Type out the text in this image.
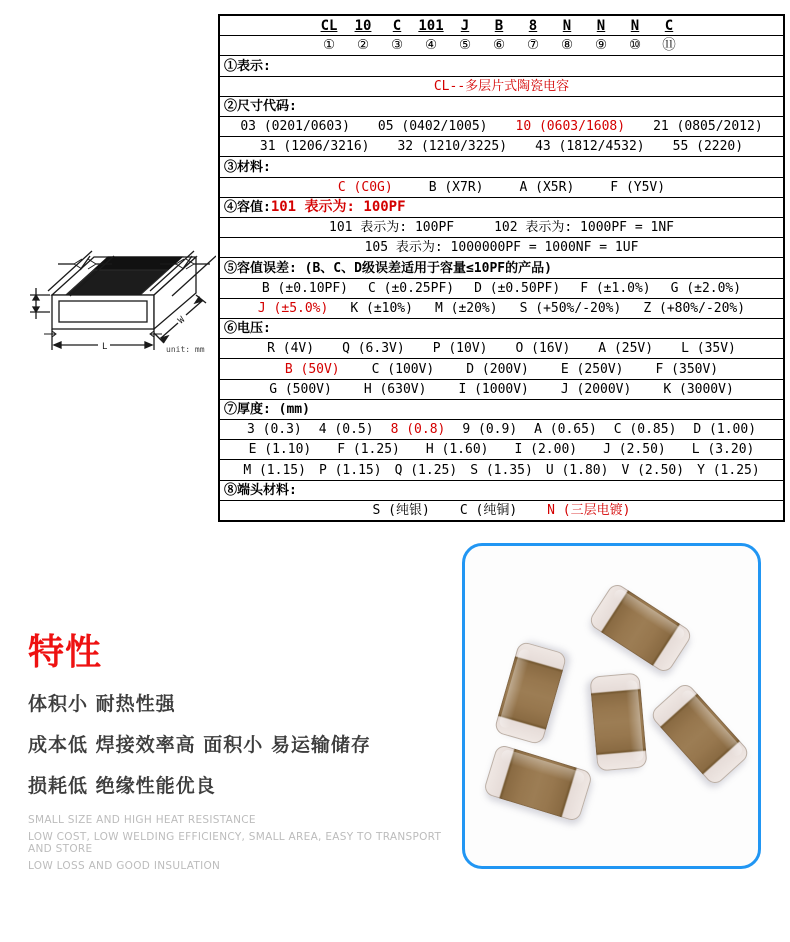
CL	10	C	101	J	B	8	N	N	N	C
①	②	③	④	⑤	⑥	⑦	⑧	⑨	⑩	⑪
①表示:
CL--多层片式陶瓷电容
②尺寸代码:
03 (0201/0603) 05 (0402/1005) 10 (0603/1608) 21 (0805/2012)
31 (1206/3216) 32 (1210/3225) 43 (1812/4532) 55 (2220)
③材料:
C (C0G)	B (X7R)	A (X5R)	F (Y5V)
④容值: 101 表示为: 100PF
101 表示为: 100PF	102 表示为: 1000PF = 1NF
105 表示为: 1000000PF = 1000NF = 1UF
⑤容值误差: (B、C、D级误差适用于容量≤10PF的产品)
B (±0.10PF) C (±0.25PF) D (±0.50PF) F (±1.0%) G (±2.0%)
J (±5.0%) K (±10%) M (±20%) S (+50%/-20%) Z (+80%/-20%)
⑥电压:
R (4V) Q (6.3V) P (10V) O (16V) A (25V) L (35V)
B (50V) C (100V) D (200V) E (250V) F (350V)
G (500V) H (630V) I (1000V) J (2000V) K (3000V)
⑦厚度: (mm)
3 (0.3) 4 (0.5) 8 (0.8) 9 (0.9) A (0.65) C (0.85) D (1.00)
E (1.10) F (1.25) H (1.60) I (2.00) J (2.50) L (3.20)
M (1.15) P (1.15) Q (1.25) S (1.35) U (1.80) V (2.50) Y (1.25)
⑧端头材料:
S (纯银) C (纯铜) N (三层电镀)
L
W
unit: mm
特性
体积小 耐热性强
成本低 焊接效率高 面积小 易运输储存
损耗低 绝缘性能优良
SMALL SIZE AND HIGH HEAT RESISTANCE
LOW COST, LOW WELDING EFFICIENCY, SMALL AREA, EASY TO TRANSPORT AND STORE
LOW LOSS AND GOOD INSULATION
